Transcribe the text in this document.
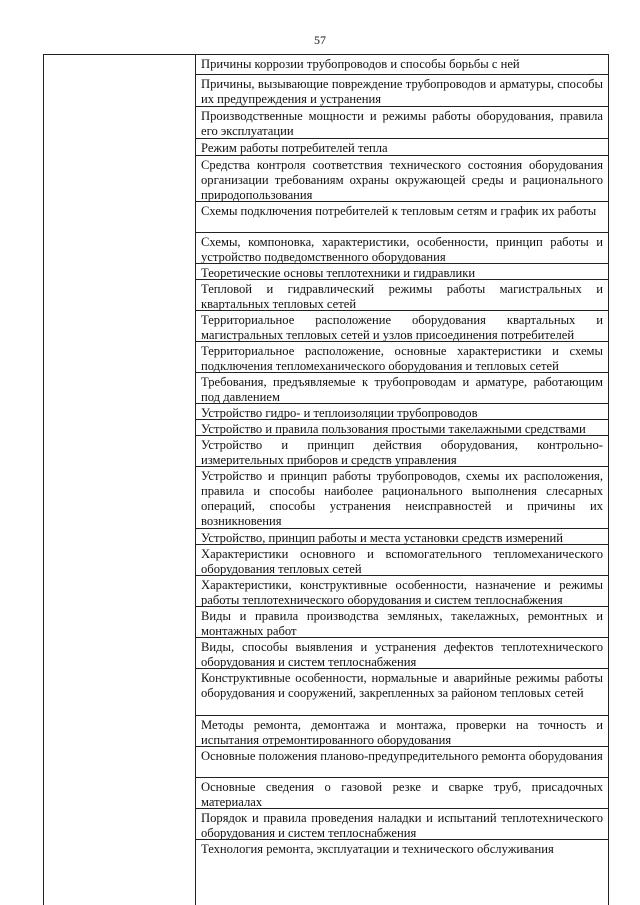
57
Причины коррозии трубопроводов и способы борьбы с ней
Причины, вызывающие повреждение трубопроводов и арматуры, способы их предупреждения и устранения
Производственные мощности и режимы работы оборудования, правила его эксплуатации
Режим работы потребителей тепла
Средства контроля соответствия технического состояния оборудования организации требованиям охраны окружающей среды и рационального природопользования
Схемы подключения потребителей к тепловым сетям и график их работы
Схемы, компоновка, характеристики, особенности, принцип работы и устройство подведомственного оборудования
Теоретические основы теплотехники и гидравлики
Тепловой и гидравлический режимы работы магистральных и квартальных тепловых сетей
Территориальное расположение оборудования квартальных и магистральных тепловых сетей и узлов присоединения потребителей
Территориальное расположение, основные характеристики и схемы подключения тепломеханического оборудования и тепловых сетей
Требования, предъявляемые к трубопроводам и арматуре, работающим под давлением
Устройство гидро- и теплоизоляции трубопроводов
Устройство и правила пользования простыми такелажными средствами
Устройство и принцип действия оборудования, контрольно-измерительных приборов и средств управления
Устройство и принцип работы трубопроводов, схемы их расположения, правила и способы наиболее рационального выполнения слесарных операций, способы устранения неисправностей и причины их возникновения
Устройство, принцип работы и места установки средств измерений
Характеристики основного и вспомогательного тепломеханического оборудования тепловых сетей
Характеристики, конструктивные особенности, назначение и режимы работы теплотехнического оборудования и систем теплоснабжения
Виды и правила производства земляных, такелажных, ремонтных и монтажных работ
Виды, способы выявления и устранения дефектов теплотехнического оборудования и систем теплоснабжения
Конструктивные особенности, нормальные и аварийные режимы работы оборудования и сооружений, закрепленных за районом тепловых сетей
Методы ремонта, демонтажа и монтажа, проверки на точность и испытания отремонтированного оборудования
Основные положения планово-предупредительного ремонта оборудования
Основные сведения о газовой резке и сварке труб, присадочных материалах
Порядок и правила проведения наладки и испытаний теплотехнического оборудования и систем теплоснабжения
Технология ремонта, эксплуатации и технического обслуживания
